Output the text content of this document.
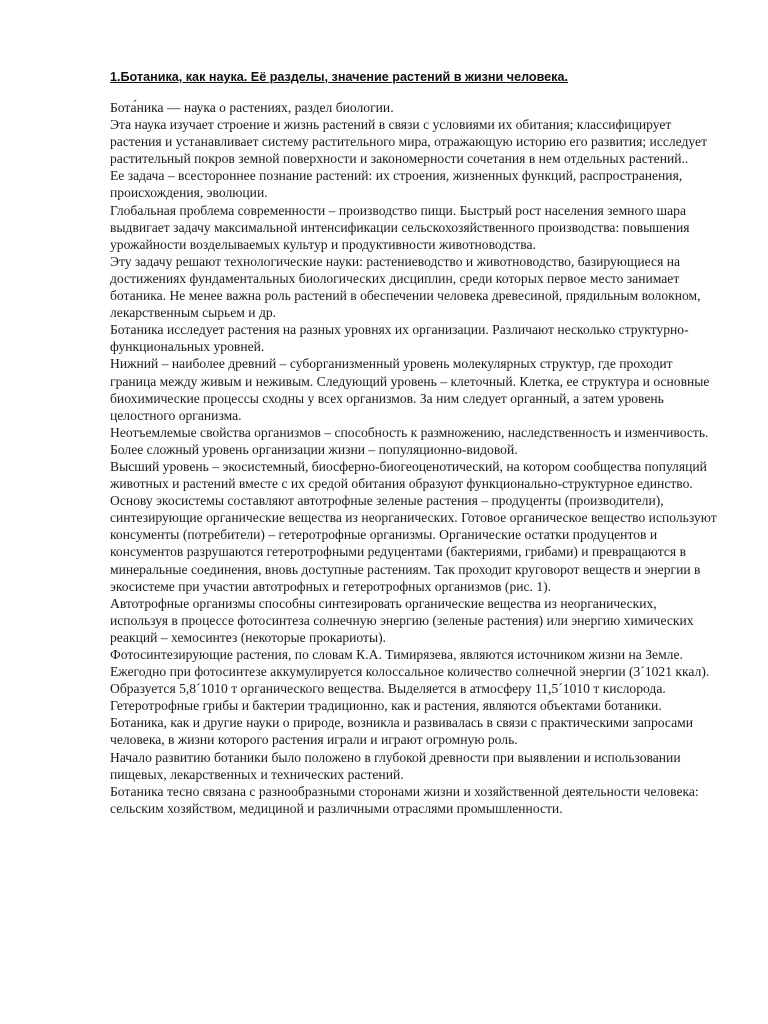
1.Ботаника, как наука. Её разделы, значение растений в жизни человека.

Бота́ника — наука о растениях, раздел биологии.

Эта наука изучает строение и жизнь растений в связи с условиями их обитания; классифицирует растения и устанавливает систему растительного мира, отражающую историю его развития; исследует растительный покров земной поверхности и закономерности сочетания в нем отдельных растений..

Ее задача – всестороннее познание растений: их строения, жизненных функций, распространения, происхождения, эволюции.

Глобальная проблема современности – производство пищи. Быстрый рост населения земного шара выдвигает задачу максимальной интенсификации сельскохозяйственного производства: повышения урожайности возделываемых культур и продуктивности животноводства.

Эту задачу решают технологические науки: растениеводство и животноводство, базирующиеся на достижениях фундаментальных биологических дисциплин, среди которых первое место занимает ботаника. Не менее важна роль растений в обеспечении человека древесиной, прядильным волокном, лекарственным сырьем и др.

Ботаника исследует растения на разных уровнях их организации. Различают несколько структурно-функциональных уровней.

Нижний – наиболее древний – суборганизменный уровень молекулярных структур, где проходит граница между живым и неживым. Следующий уровень – клеточный. Клетка, ее структура и основные биохимические процессы сходны у всех организмов. За ним следует органный, а затем уровень целостного организма.

Неотъемлемые свойства организмов – способность к размножению, наследственность и изменчивость. Более сложный уровень организации жизни – популяционно-видовой.

Высший уровень – экосистемный, биосферно-биогеоценотический, на котором сообщества популяций животных и растений вместе с их средой обитания образуют функционально-структурное единство.

Основу экосистемы составляют автотрофные зеленые растения – продуценты (производители), синтезирующие органические вещества из неорганических. Готовое органическое вещество используют консументы (потребители) – гетеротрофные организмы. Органические остатки продуцентов и консументов разрушаются гетеротрофными редуцентами (бактериями, грибами) и превращаются в минеральные соединения, вновь доступные растениям. Так проходит круговорот веществ и энергии в экосистеме при участии автотрофных и гетеротрофных организмов (рис. 1).

Автотрофные организмы способны синтезировать органические вещества из неорганических, используя в процессе фотосинтеза солнечную энергию (зеленые растения) или энергию химических реакций – хемосинтез (некоторые прокариоты).

Фотосинтезирующие растения, по словам К.А. Тимирязева, являются источником жизни на Земле. Ежегодно при фотосинтезе аккумулируется колоссальное количество солнечной энергии (3´1021 ккал). Образуется 5,8´1010 т органического вещества. Выделяется в атмосферу 11,5´1010 т кислорода. Гетеротрофные грибы и бактерии традиционно, как и растения, являются объектами ботаники.

Ботаника, как и другие науки о природе, возникла и развивалась в связи с практическими запросами человека, в жизни которого растения играли и играют огромную роль.

Начало развитию ботаники было положено в глубокой древности при выявлении и использовании пищевых, лекарственных и технических растений.

Ботаника тесно связана с разнообразными сторонами жизни и хозяйственной деятельности человека: сельским хозяйством, медициной и различными отраслями промышленности.
